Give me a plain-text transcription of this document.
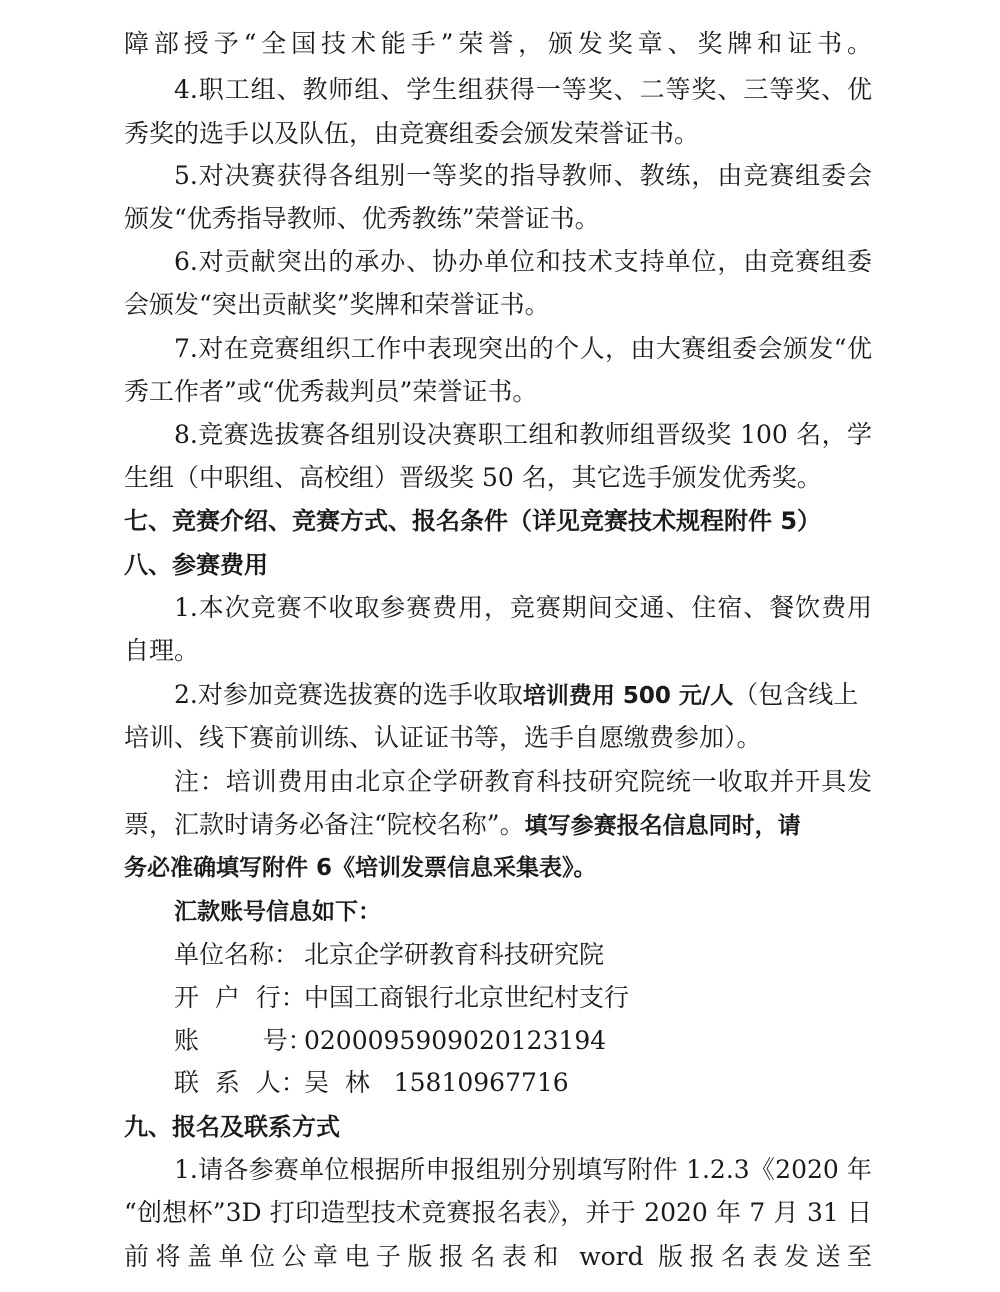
障部授予“全国技术能手”荣誉，颁发奖章、奖牌和证书。
4.职工组、教师组、学生组获得一等奖、二等奖、三等奖、优
秀奖的选手以及队伍，由竞赛组委会颁发荣誉证书。
5.对决赛获得各组别一等奖的指导教师、教练，由竞赛组委会
颁发“优秀指导教师、优秀教练”荣誉证书。
6.对贡献突出的承办、协办单位和技术支持单位，由竞赛组委
会颁发“突出贡献奖”奖牌和荣誉证书。
7.对在竞赛组织工作中表现突出的个人，由大赛组委会颁发“优
秀工作者”或“优秀裁判员”荣誉证书。
8.竞赛选拔赛各组别设决赛职工组和教师组晋级奖 100 名，学
生组（中职组、高校组）晋级奖 50 名，其它选手颁发优秀奖。
七、竞赛介绍、竞赛方式、报名条件（详见竞赛技术规程附件 5）
八、参赛费用
1.本次竞赛不收取参赛费用，竞赛期间交通、住宿、餐饮费用
自理。
2.对参加竞赛选拔赛的选手收取培训费用 500 元/人（包含线上
培训、线下赛前训练、认证证书等，选手自愿缴费参加）。
注：培训费用由北京企学研教育科技研究院统一收取并开具发
票，汇款时请务必备注“院校名称”。填写参赛报名信息同时，请
务必准确填写附件 6《培训发票信息采集表》。
汇款账号信息如下：
单位名称： 北京企学研教育科技研究院
开  户  行：中国工商银行北京世纪村支行
账        号：0200095909020123194
联  系  人：吴  林   15810967716
九、报名及联系方式
1.请各参赛单位根据所申报组别分别填写附件 1.2.3《2020 年
“创想杯”3D 打印造型技术竞赛报名表》，并于 2020 年 7 月 31 日
前将盖单位公章电子版报名表和 word 版报名表发送至
